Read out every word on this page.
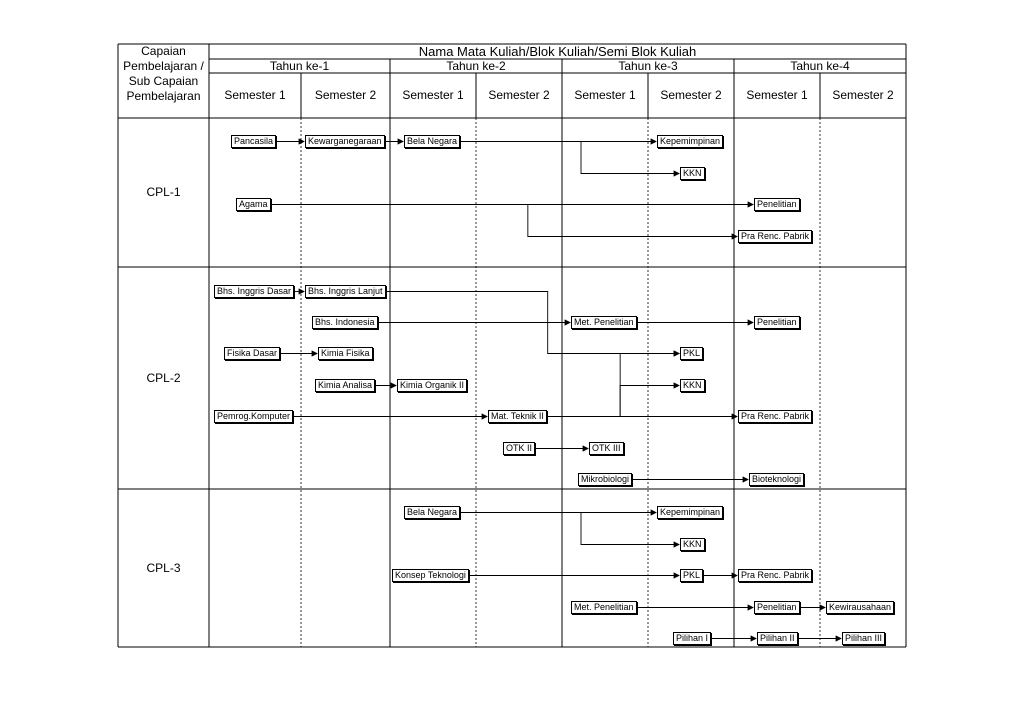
Capaian Pembelajaran / Sub Capaian Pembelajaran
Nama Mata Kuliah/Blok Kuliah/Semi Blok Kuliah
Tahun ke-1	Tahun ke-2	Tahun ke-3	Tahun ke-4
Semester 1	Semester 2	Semester 1	Semester 2	Semester 1	Semester 2	Semester 1	Semester 2
CPL-1
CPL-2
CPL-3
Pancasila	Kewarganegaraan	Bela Negara	Kepemimpinan
KKN
Agama	Penelitian
Pra Renc. Pabrik
Bhs. Inggris Dasar	Bhs. Inggris Lanjut
Bhs. Indonesia	Met. Penelitian	Penelitian
Fisika Dasar	Kimia Fisika	PKL
Kimia Analisa	Kimia Organik II	KKN
Pemrog.Komputer	Mat. Teknik II	Pra Renc. Pabrik
OTK II	OTK III
Mikrobiologi	Bioteknologi
Bela Negara	Kepemimpinan
KKN
Konsep Teknologi	PKL	Pra Renc. Pabrik
Met. Penelitian	Penelitian	Kewirausahaan
Pilihan I	Pilihan II	Pilihan III
